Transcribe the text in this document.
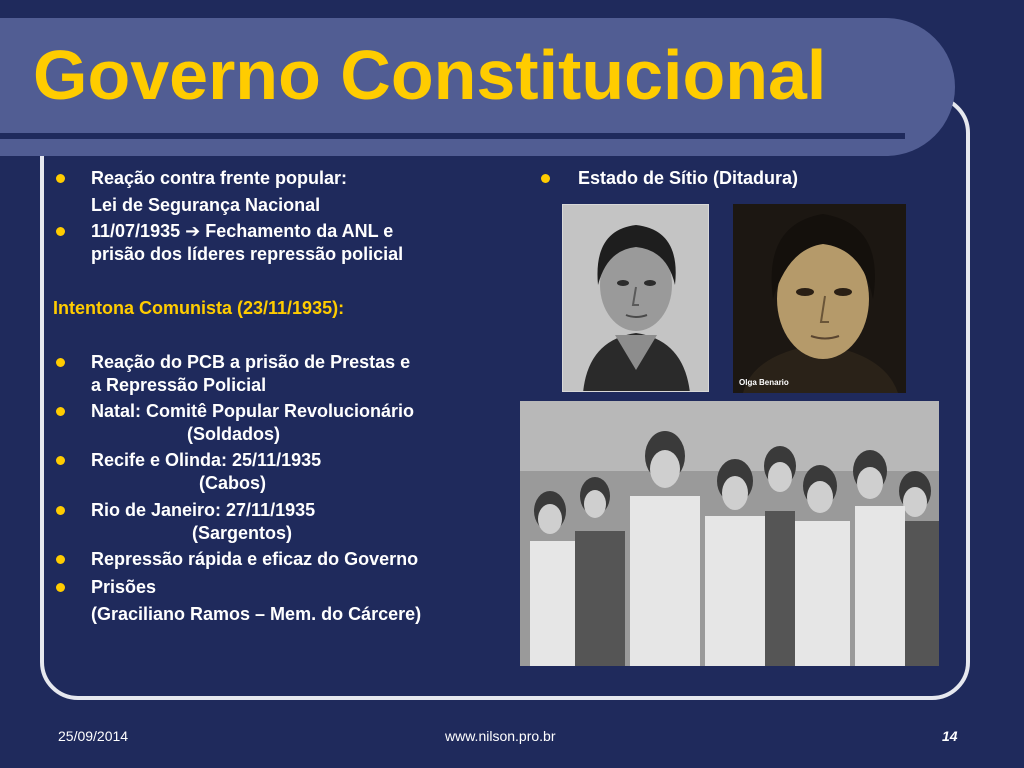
Governo Constitucional
Reação contra frente popular:
Lei de Segurança Nacional
11/07/1935 ➔ Fechamento da ANL e
prisão dos líderes repressão policial
Intentona Comunista (23/11/1935):
Reação do PCB a prisão de Prestas e
a Repressão Policial
Natal: Comitê Popular Revolucionário
(Soldados)
Recife e Olinda: 25/11/1935
(Cabos)
Rio de Janeiro: 27/11/1935
(Sargentos)
Repressão rápida e eficaz do Governo
Prisões
(Graciliano Ramos – Mem. do Cárcere)
Estado de Sítio (Ditadura)
Olga Benario
25/09/2014	www.nilson.pro.br	14
